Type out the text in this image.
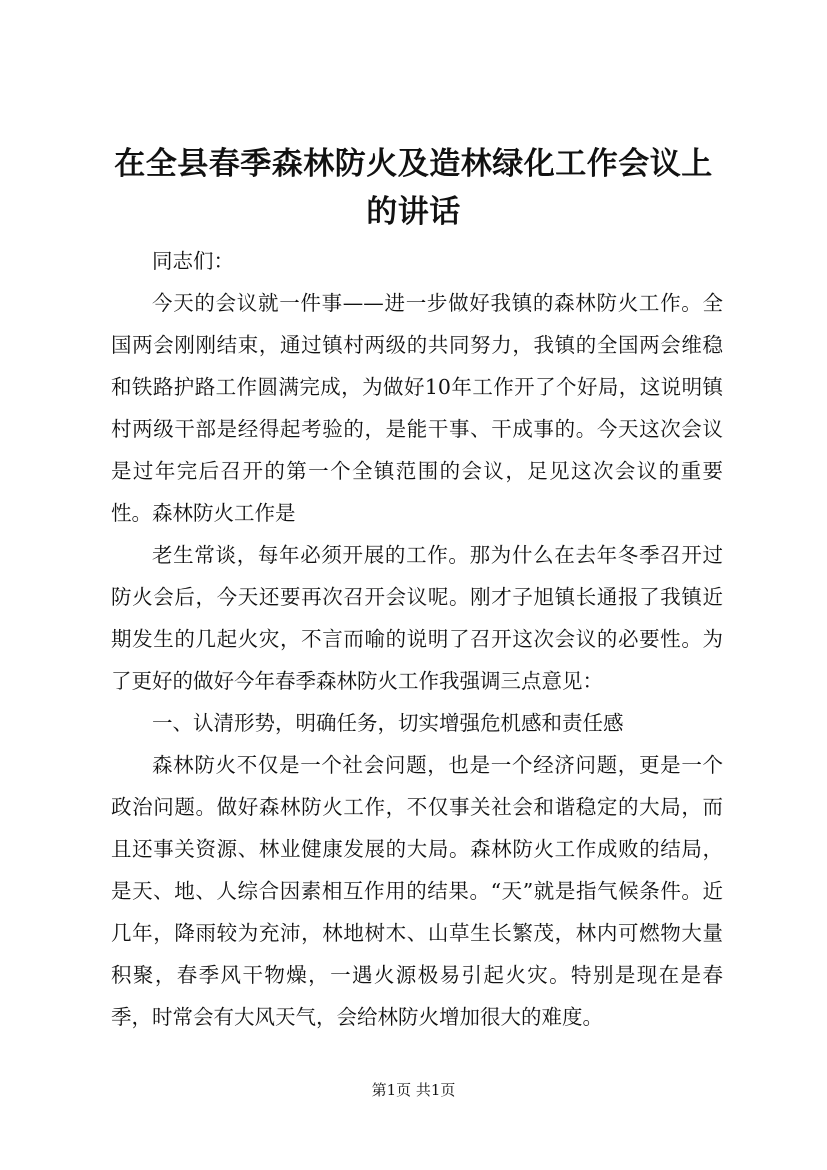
在全县春季森林防火及造林绿化工作会议上的讲话

同志们：

今天的会议就一件事——进一步做好我镇的森林防火工作。全国两会刚刚结束，通过镇村两级的共同努力，我镇的全国两会维稳和铁路护路工作圆满完成，为做好10年工作开了个好局，这说明镇村两级干部是经得起考验的，是能干事、干成事的。今天这次会议是过年完后召开的第一个全镇范围的会议，足见这次会议的重要性。森林防火工作是

老生常谈，每年必须开展的工作。那为什么在去年冬季召开过防火会后，今天还要再次召开会议呢。刚才子旭镇长通报了我镇近期发生的几起火灾，不言而喻的说明了召开这次会议的必要性。为了更好的做好今年春季森林防火工作我强调三点意见：

一、认清形势，明确任务，切实增强危机感和责任感

森林防火不仅是一个社会问题，也是一个经济问题，更是一个政治问题。做好森林防火工作，不仅事关社会和谐稳定的大局，而且还事关资源、林业健康发展的大局。森林防火工作成败的结局，是天、地、人综合因素相互作用的结果。“天”就是指气候条件。近几年，降雨较为充沛，林地树木、山草生长繁茂，林内可燃物大量积聚，春季风干物燥，一遇火源极易引起火灾。特别是现在是春季，时常会有大风天气，会给林防火增加很大的难度。

第1页 共1页
